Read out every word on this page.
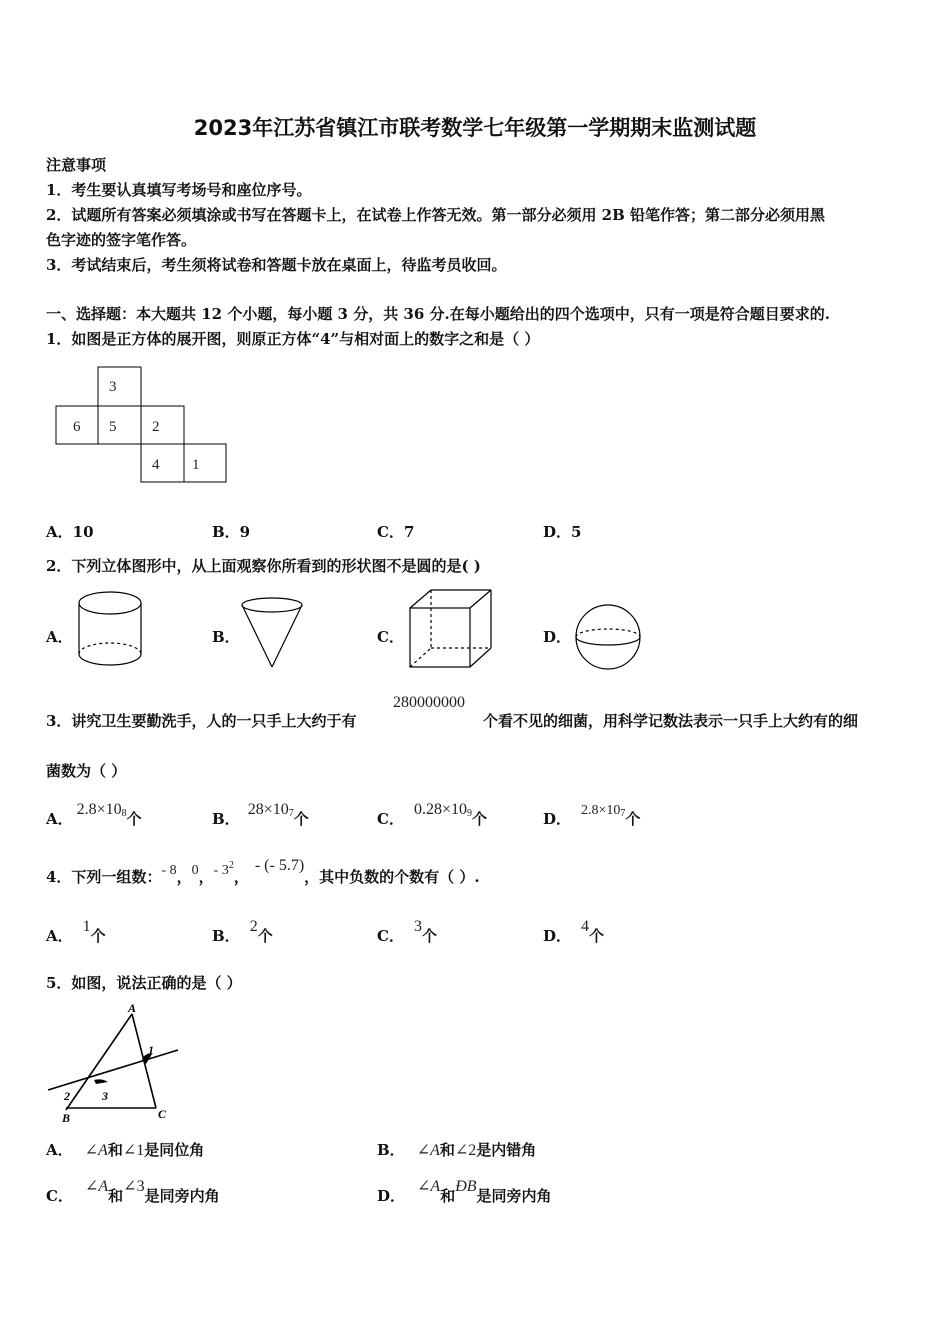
2023年江苏省镇江市联考数学七年级第一学期期末监测试题
注意事项
1．考生要认真填写考场号和座位序号。
2．试题所有答案必须填涂或书写在答题卡上，在试卷上作答无效。第一部分必须用 2B 铅笔作答；第二部分必须用黑
色字迹的签字笔作答。
3．考试结束后，考生须将试卷和答题卡放在桌面上，待监考员收回。
一、选择题：本大题共 12 个小题，每小题 3 分，共 36 分.在每小题给出的四个选项中，只有一项是符合题目要求的.
1．如图是正方体的展开图，则原正方体“4”与相对面上的数字之和是（ ）
3
6 5 2
4 1
A．10	B．9	C．7	D．5
2．下列立体图形中，从上面观察你所看到的形状图不是圆的是( )
A．	B．	C．	D．
3．讲究卫生要勤洗手，人的一只手上大约于有
280000000
个看不见的细菌，用科学记数法表示一只手上大约有的细
菌数为（ ）
A．$2.8\times 10^8$个	B．$28\times 10^7$个	C．$0.28\times 10^9$个	D． $2.8\times 10^7$个
4．下列一组数：- 8，0，- $3^2$，- (- 5.7)，其中负数的个数有（ ）.
A．1个	B．2个	C．3个	D．4个
5．如图，说法正确的是（ ）
A
1
2	3
B	C
A． ∠A和∠1是同位角	B． ∠A和∠2是内错角
C．∠A和∠3是同旁内角	D．∠A和ÐB是同旁内角
